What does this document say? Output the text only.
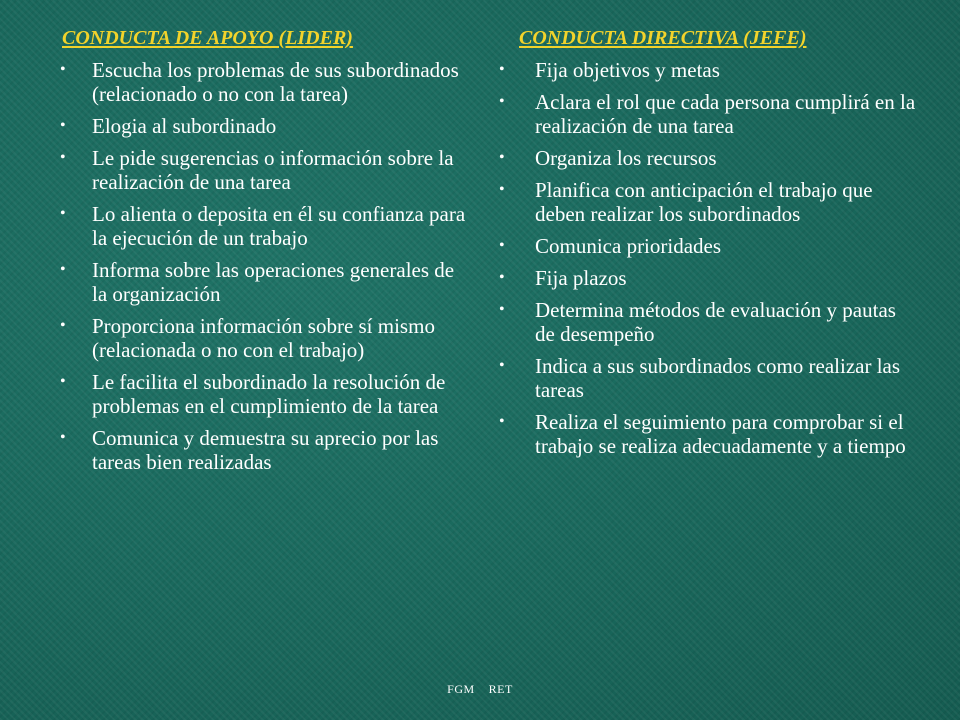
CONDUCTA DE APOYO (LIDER)
• Escucha los problemas de sus subordinados (relacionado o no con la tarea)
• Elogia al subordinado
• Le pide sugerencias o información sobre la realización de una tarea
• Lo alienta o deposita en él su confianza para la ejecución de un trabajo
• Informa sobre las operaciones generales de la organización
• Proporciona información sobre sí mismo (relacionada o no con el trabajo)
• Le facilita el subordinado la resolución de problemas en el cumplimiento de la tarea
• Comunica y demuestra su aprecio por las tareas bien realizadas
CONDUCTA DIRECTIVA (JEFE)
• Fija objetivos y metas
• Aclara el rol que cada persona cumplirá en la realización de una tarea
• Organiza los recursos
• Planifica con anticipación el trabajo que deben realizar los subordinados
• Comunica prioridades
• Fija plazos
• Determina métodos de evaluación y pautas de desempeño
• Indica a sus subordinados como realizar las tareas
• Realiza el seguimiento para comprobar si el trabajo se realiza adecuadamente y a tiempo
FGM RET
